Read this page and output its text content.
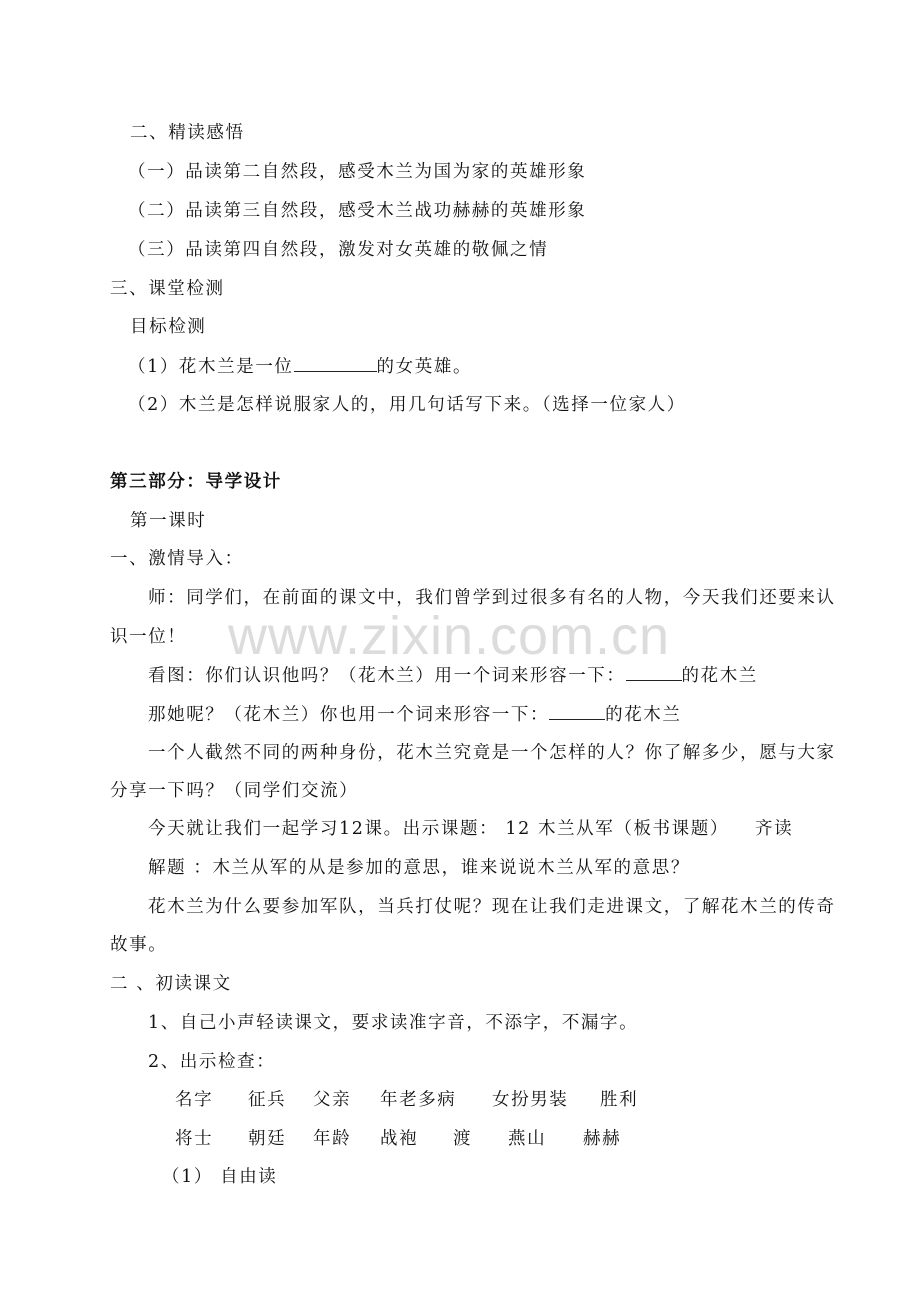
www.zixin.com.cn
二、精读感悟
（一）品读第二自然段，感受木兰为国为家的英雄形象
（二）品读第三自然段，感受木兰战功赫赫的英雄形象
（三）品读第四自然段，激发对女英雄的敬佩之情
三、课堂检测
目标检测
（1）花木兰是一位	的女英雄。
（2）木兰是怎样说服家人的，用几句话写下来。（选择一位家人）
第三部分：导学设计
第一课时
一、激情导入：
师：同学们，在前面的课文中，我们曾学到过很多有名的人物，今天我们还要来认
识一位！
看图：你们认识他吗？（花木兰）用一个词来形容一下：	的花木兰
那她呢？（花木兰）你也用一个词来形容一下：	的花木兰
一个人截然不同的两种身份，花木兰究竟是一个怎样的人？你了解多少，愿与大家
分享一下吗？（同学们交流）
今天就让我们一起学习12课。出示课题： 12 木兰从军（板书课题） 齐读
解题 ：木兰从军的从是参加的意思，谁来说说木兰从军的意思？
花木兰为什么要参加军队，当兵打仗呢？现在让我们走进课文，了解花木兰的传奇
故事。
二 、初读课文
1、自己小声轻读课文，要求读准字音，不添字，不漏字。
2、出示检查：
名字 征兵 父亲 年老多病 女扮男装 胜利
将士 朝廷 年龄 战袍 渡 燕山 赫赫
（1） 自由读
